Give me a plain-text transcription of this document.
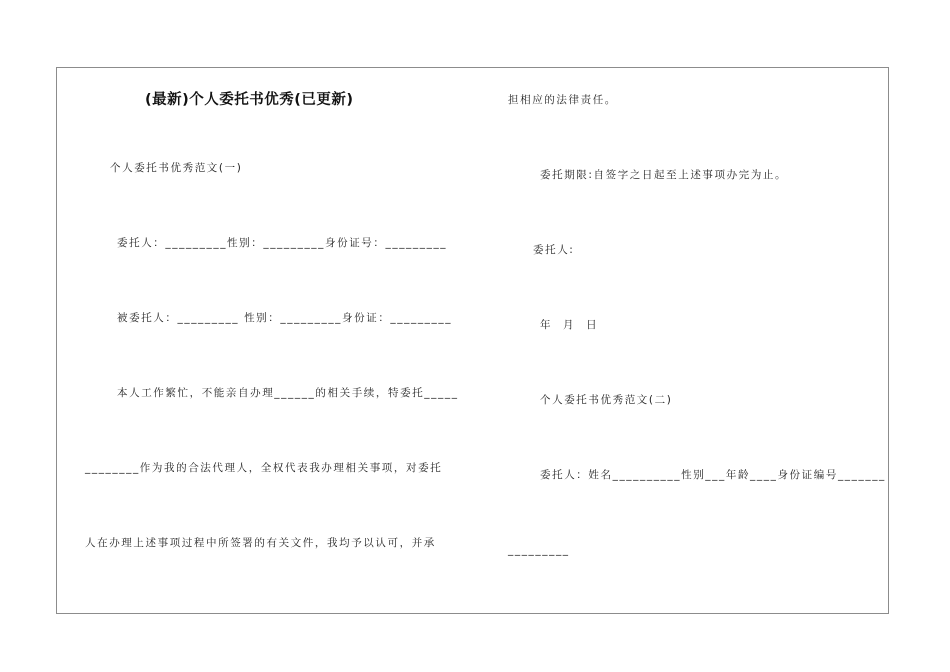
(最新)个人委托书优秀(已更新)
个人委托书优秀范文(一)
委托人：_________性别：_________身份证号：_________
被委托人：_________ 性别：_________身份证：_________
本人工作繁忙，不能亲自办理______的相关手续，特委托_____
________作为我的合法代理人，全权代表我办理相关事项，对委托
人在办理上述事项过程中所签署的有关文件，我均予以认可，并承
担相应的法律责任。
委托期限:自签字之日起至上述事项办完为止。
委托人:
年 月 日
个人委托书优秀范文(二)
委托人：姓名__________性别___年龄____身份证编号_______
_________
